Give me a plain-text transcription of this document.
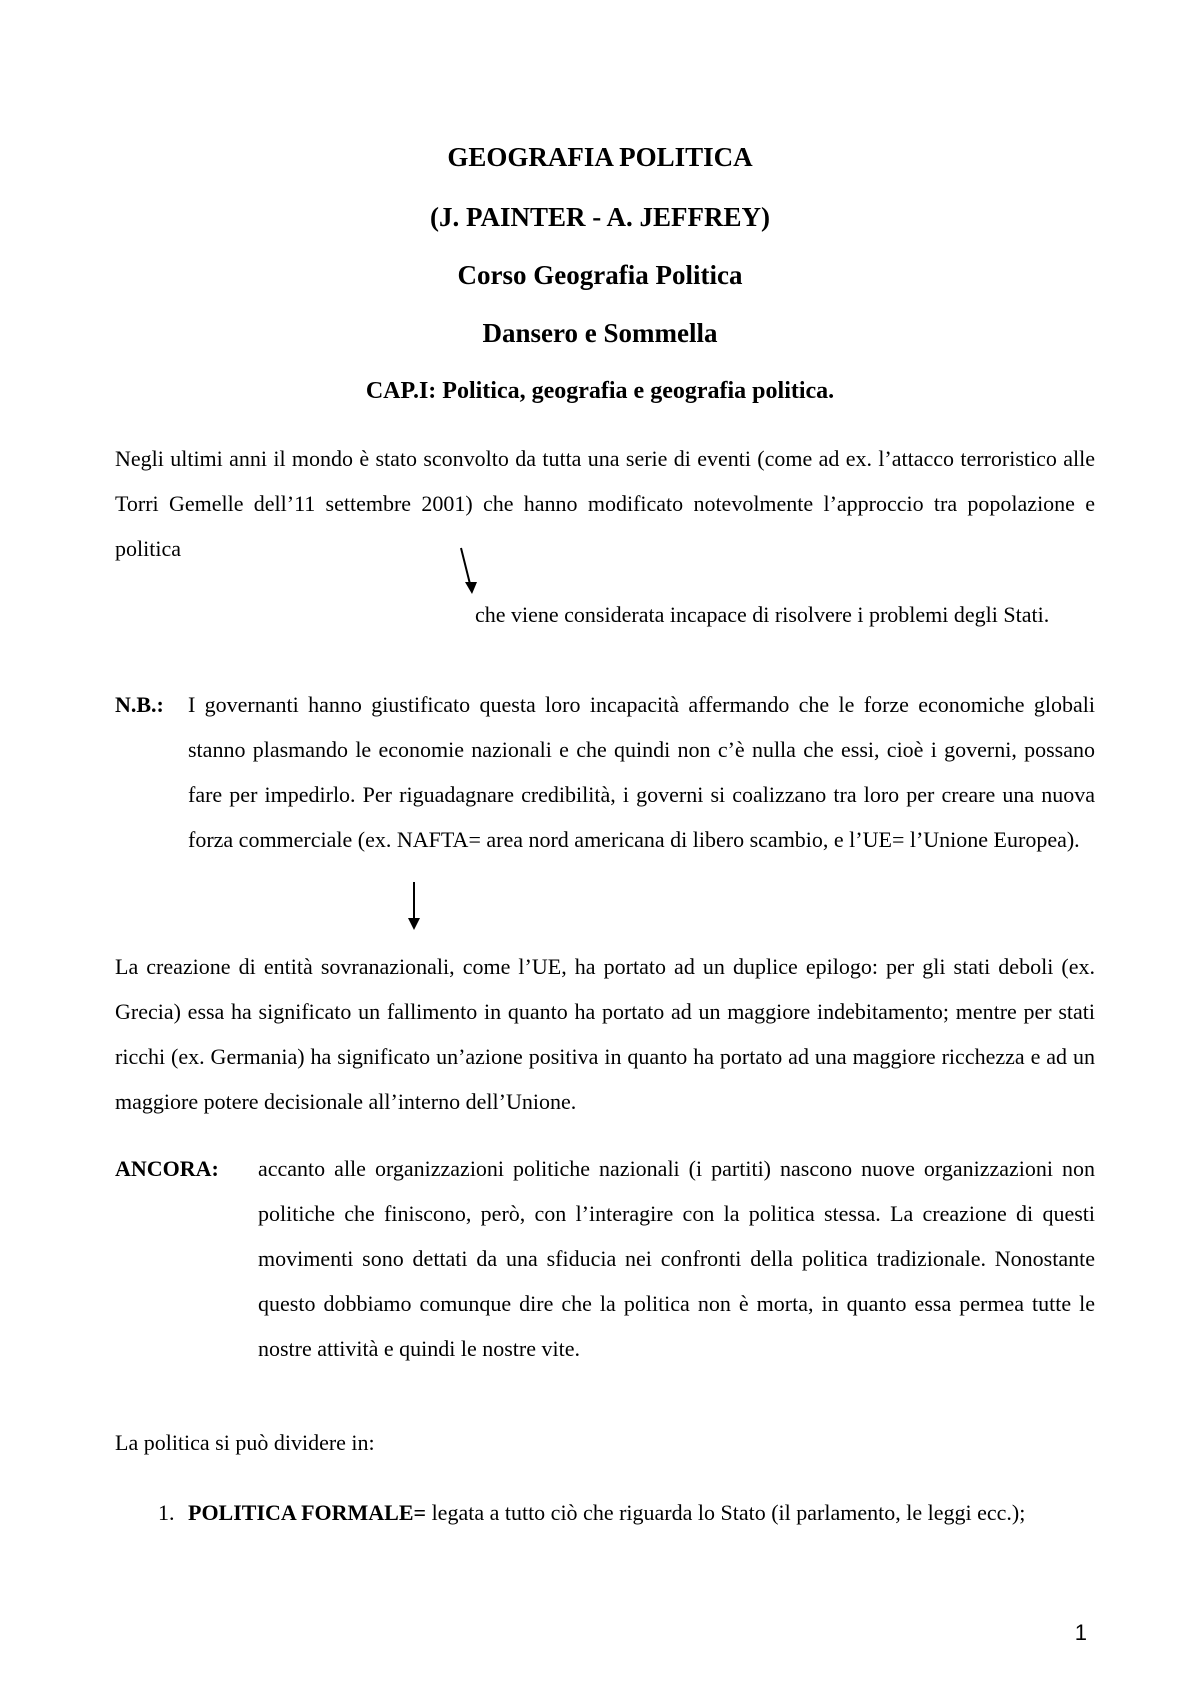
GEOGRAFIA POLITICA
(J. PAINTER - A. JEFFREY)
Corso Geografia Politica
Dansero e Sommella
CAP.I: Politica, geografia e geografia politica.

Negli ultimi anni il mondo è stato sconvolto da tutta una serie di eventi (come ad ex. l’attacco terroristico alle Torri Gemelle dell’11 settembre 2001) che hanno modificato notevolmente l’approccio tra popolazione e politica

che viene considerata incapace di risolvere i problemi degli Stati.

N.B.: I governanti hanno giustificato questa loro incapacità affermando che le forze economiche globali stanno plasmando le economie nazionali e che quindi non c’è nulla che essi, cioè i governi, possano fare per impedirlo. Per riguadagnare credibilità, i governi si coalizzano tra loro per creare una nuova forza commerciale (ex. NAFTA= area nord americana di libero scambio, e l’UE= l’Unione Europea).

La creazione di entità sovranazionali, come l’UE, ha portato ad un duplice epilogo: per gli stati deboli (ex. Grecia) essa ha significato un fallimento in quanto ha portato ad un maggiore indebitamento; mentre per stati ricchi (ex. Germania) ha significato un’azione positiva in quanto ha portato ad una maggiore ricchezza e ad un maggiore potere decisionale all’interno dell’Unione.

ANCORA: accanto alle organizzazioni politiche nazionali (i partiti) nascono nuove organizzazioni non politiche che finiscono, però, con l’interagire con la politica stessa. La creazione di questi movimenti sono dettati da una sfiducia nei confronti della politica tradizionale. Nonostante questo dobbiamo comunque dire che la politica non è morta, in quanto essa permea tutte le nostre attività e quindi le nostre vite.

La politica si può dividere in:

1. POLITICA FORMALE= legata a tutto ciò che riguarda lo Stato (il parlamento, le leggi ecc.);

1
